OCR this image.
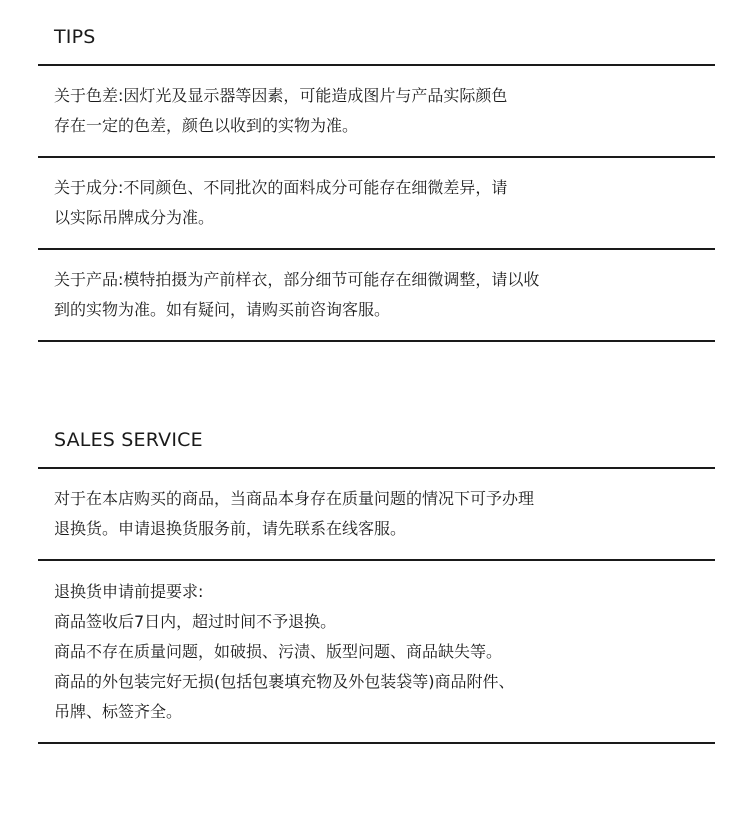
TIPS
关于色差:因灯光及显示器等因素，可能造成图片与产品实际颜色
存在一定的色差，颜色以收到的实物为准。
关于成分:不同颜色、不同批次的面料成分可能存在细微差异，请
以实际吊牌成分为准。
关于产品:模特拍摄为产前样衣，部分细节可能存在细微调整，请以收
到的实物为准。如有疑问，请购买前咨询客服。
SALES SERVICE
对于在本店购买的商品，当商品本身存在质量问题的情况下可予办理
退换货。申请退换货服务前，请先联系在线客服。
退换货申请前提要求:
商品签收后7日内，超过时间不予退换。
商品不存在质量问题，如破损、污渍、版型问题、商品缺失等。
商品的外包装完好无损(包括包裹填充物及外包装袋等)商品附件、
吊牌、标签齐全。
